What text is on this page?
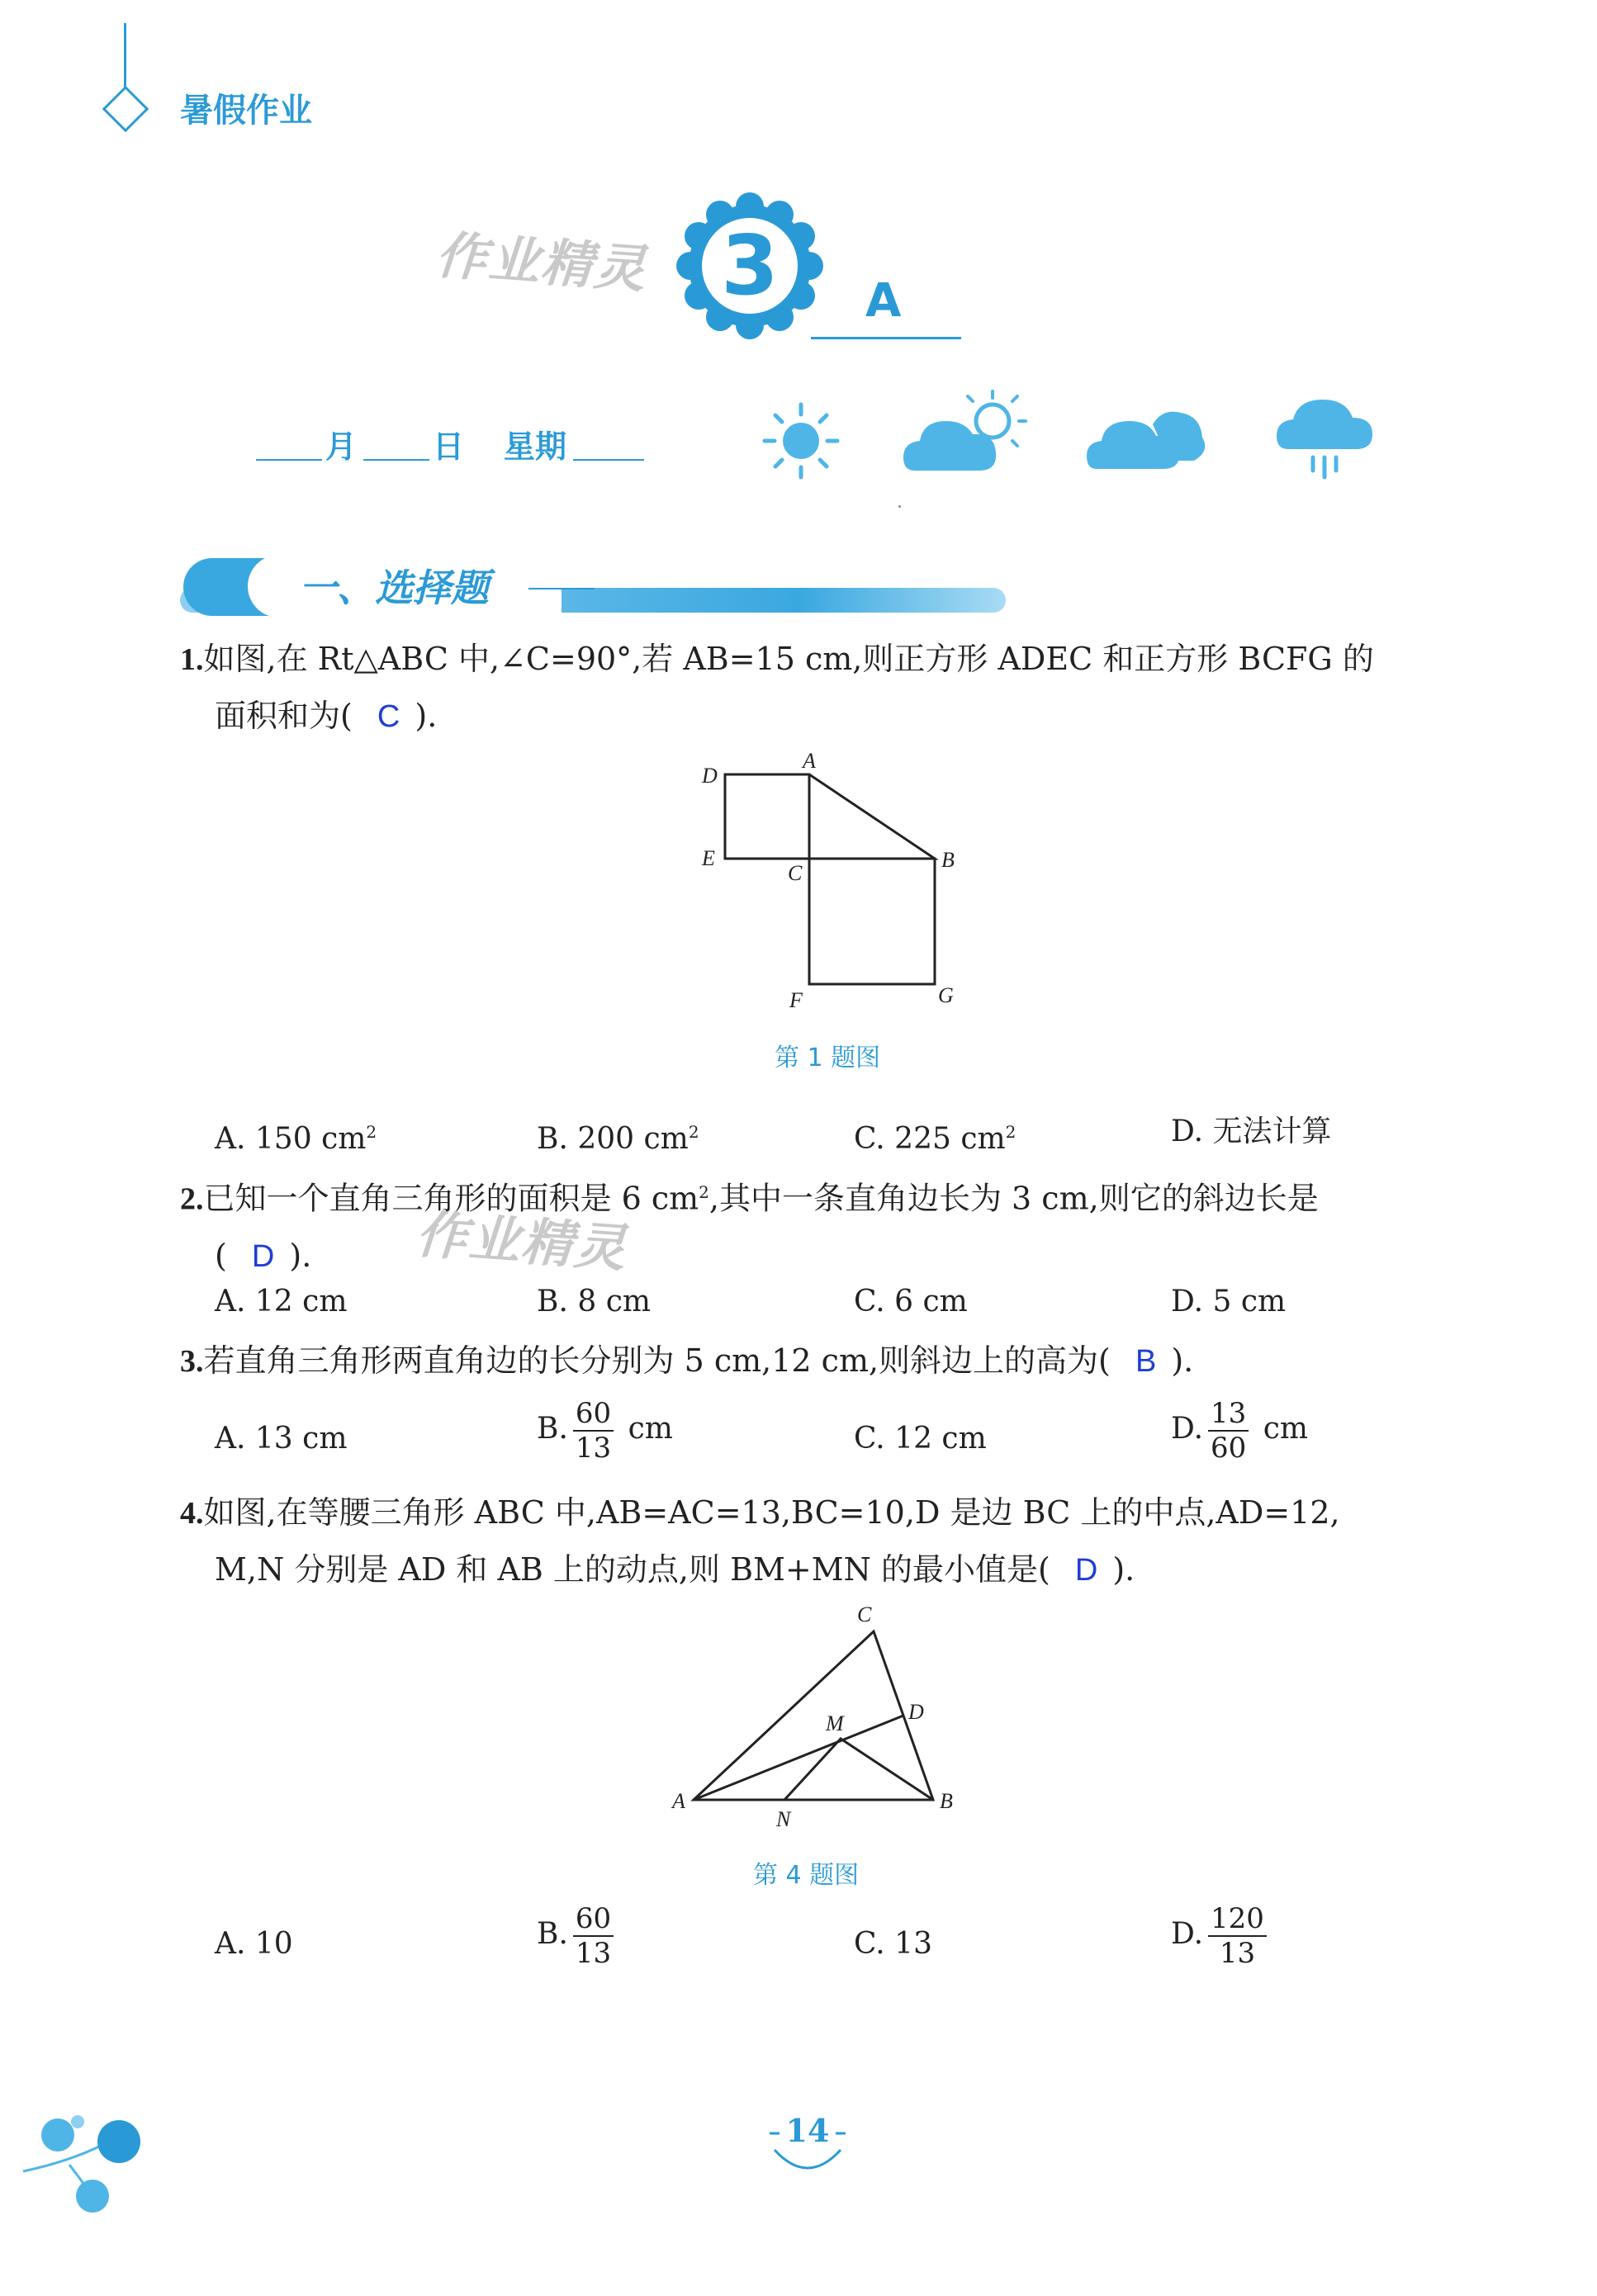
暑假作业
作业精灵 3	A
月 日 星期
一、选择题
1.如图,在 Rt△ABC 中,∠C=90°,若 AB=15 cm,则正方形 ADEC 和正方形 BCFG 的
面积和为( C ).
D
A
E
C
B
F	G
第 1 题图
A. 150 $cm^2$	B. 200 $cm^2$	C. 225 $cm^2$	D. 无法计算
2.已知一个直角三角形的面积是 6 $cm^2$,其中一条直角边长为 3 cm,则它的斜边长是
( D ).	作业精灵
A. 12 cm	B. 8 cm	C. 6 cm	D. 5 cm
3.若直角三角形两直角边的长分别为 5 cm,12 cm,则斜边上的高为( B ).
A. 13 cm	B. $\frac{60}{13}$ cm	C. 12 cm	D. $\frac{13}{60}$ cm
4.如图,在等腰三角形 ABC 中,AB=AC=13,BC=10,D 是边 BC 上的中点,AD=12,
M,N 分别是 AD 和 AB 上的动点,则 BM+MN 的最小值是( D ).
C
D
M
A
N
B
第 4 题图
A. 10	B. $\frac{60}{13}$	C. 13	D. $\frac{120}{13}$
14
